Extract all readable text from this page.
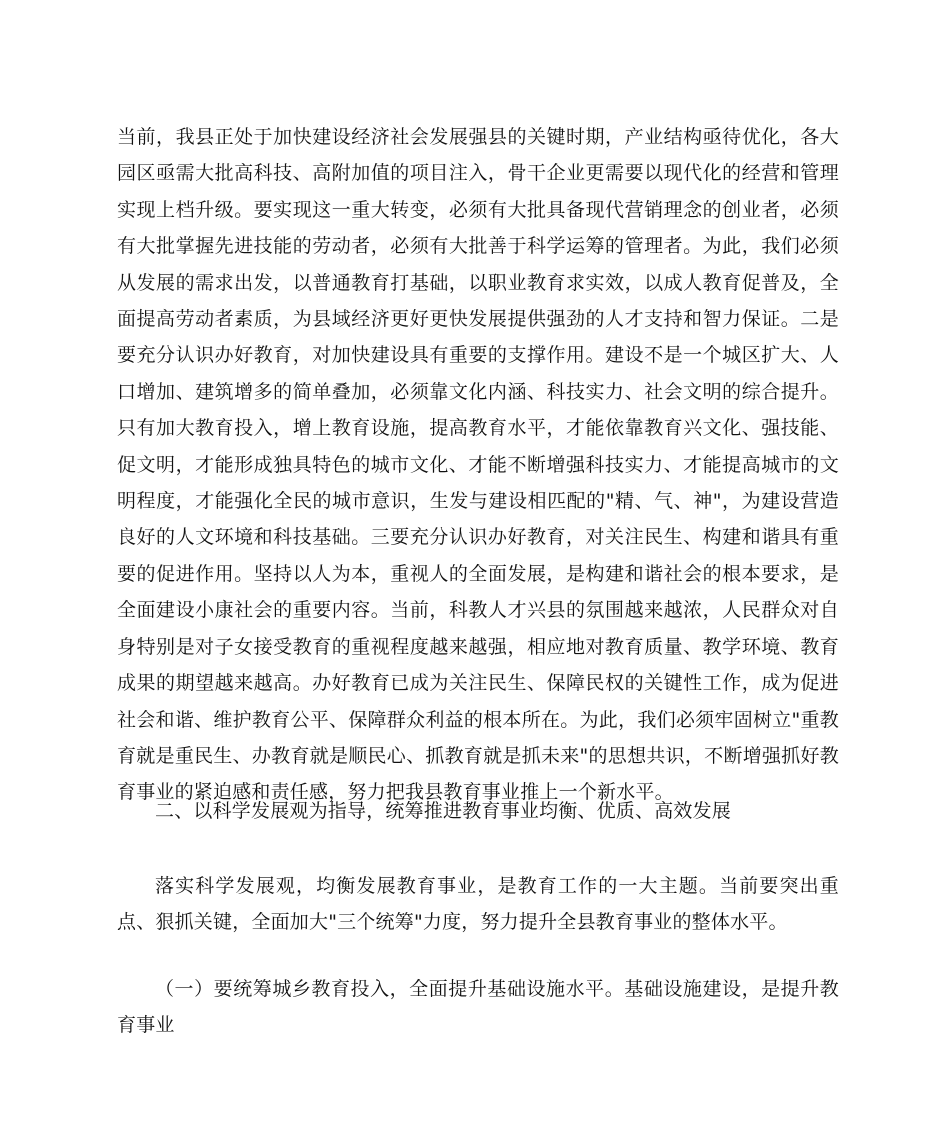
当前，我县正处于加快建设经济社会发展强县的关键时期，产业结构亟待优化，各大园区亟需大批高科技、高附加值的项目注入，骨干企业更需要以现代化的经营和管理实现上档升级。要实现这一重大转变，必须有大批具备现代营销理念的创业者，必须有大批掌握先进技能的劳动者，必须有大批善于科学运筹的管理者。为此，我们必须从发展的需求出发，以普通教育打基础，以职业教育求实效，以成人教育促普及，全面提高劳动者素质，为县域经济更好更快发展提供强劲的人才支持和智力保证。二是要充分认识办好教育，对加快建设具有重要的支撑作用。建设不是一个城区扩大、人口增加、建筑增多的简单叠加，必须靠文化内涵、科技实力、社会文明的综合提升。只有加大教育投入，增上教育设施，提高教育水平，才能依靠教育兴文化、强技能、促文明，才能形成独具特色的城市文化、才能不断增强科技实力、才能提高城市的文明程度，才能强化全民的城市意识，生发与建设相匹配的"精、气、神"，为建设营造良好的人文环境和科技基础。三要充分认识办好教育，对关注民生、构建和谐具有重要的促进作用。坚持以人为本，重视人的全面发展，是构建和谐社会的根本要求，是全面建设小康社会的重要内容。当前，科教人才兴县的氛围越来越浓，人民群众对自身特别是对子女接受教育的重视程度越来越强，相应地对教育质量、教学环境、教育成果的期望越来越高。办好教育已成为关注民生、保障民权的关键性工作，成为促进社会和谐、维护教育公平、保障群众利益的根本所在。为此，我们必须牢固树立"重教育就是重民生、办教育就是顺民心、抓教育就是抓未来"的思想共识，不断增强抓好教育事业的紧迫感和责任感，努力把我县教育事业推上一个新水平。

二、以科学发展观为指导，统筹推进教育事业均衡、优质、高效发展

落实科学发展观，均衡发展教育事业，是教育工作的一大主题。当前要突出重点、狠抓关键，全面加大"三个统筹"力度，努力提升全县教育事业的整体水平。

（一）要统筹城乡教育投入，全面提升基础设施水平。基础设施建设，是提升教育事业
